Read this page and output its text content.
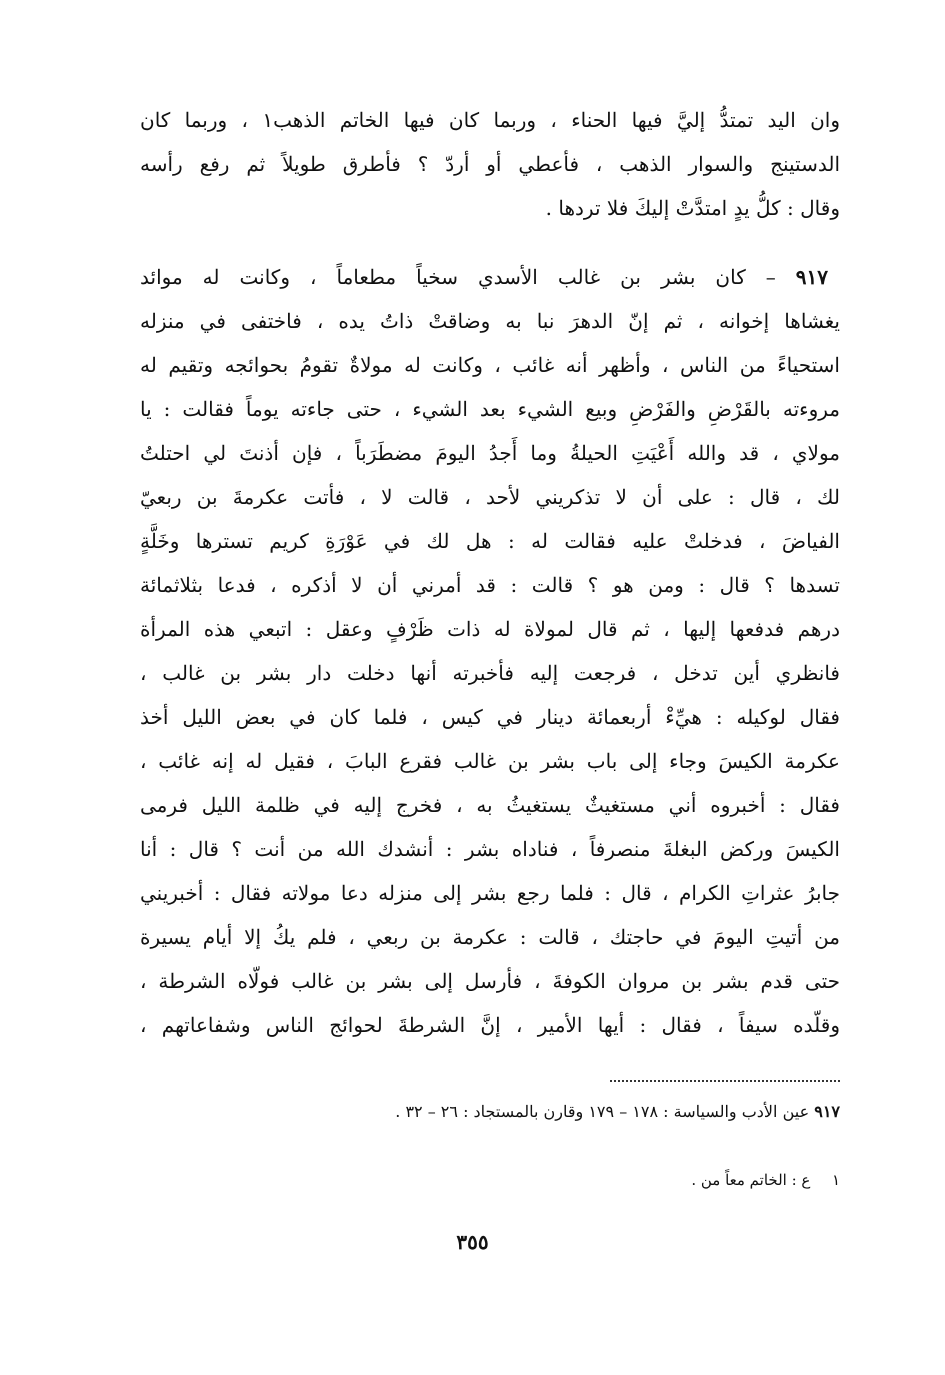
وان اليد تمتدُّ إليَّ فيها الحناء ، وربما كان فيها الخاتم الذهب١ ، وربما كان
الدستينج والسوار الذهب ، فأعطي أو أردّ ؟ فأطرق طويلاً ثم رفع رأسه
وقال : كلُّ يدٍ امتدَّتْ إليكَ فلا تردها .
٩١٧ – كان بشر بن غالب الأسدي سخياً مطعاماً ، وكانت له موائد
يغشاها إخوانه ، ثم إنّ الدهرَ نبا به وضاقتْ ذاتُ يده ، فاختفى في منزله
استحياءً من الناس ، وأظهر أنه غائب ، وكانت له مولاةٌ تقومُ بحوائجه وتقيم له
مروءته بالقَرْضِ والفَرْضِ وبيع الشيء بعد الشيء ، حتى جاءته يوماً فقالت : يا
مولاي ، قد والله أَعْيَتِ الحيلةُ وما أَجدُ اليومَ مضطَرَباً ، فإن أذنتَ لي احتلتُ
لك ، قال : على أن لا تذكريني لأحد ، قالت لا ، فأتت عكرمةَ بن ربعيّ
الفياضَ ، فدخلتْ عليه فقالت له : هل لك في عَوْرَةِ كريم تسترها وخَلَّةٍ
تسدها ؟ قال : ومن هو ؟ قالت : قد أمرني أن لا أذكره ، فدعا بثلاثمائة
درهم فدفعها إليها ، ثم قال لمولاة له ذات ظَرْفٍ وعقل : اتبعي هذه المرأة
فانظري أين تدخل ، فرجعت إليه فأخبرته أنها دخلت دار بشر بن غالب ،
فقال لوكيله : هيِّءْ أربعمائة دينار في كيس ، فلما كان في بعض الليل أخذ
عكرمة الكيسَ وجاء إلى باب بشر بن غالب فقرع البابَ ، فقيل له إنه غائب ،
فقال : أخبروه أني مستغيثٌ يستغيثُ به ، فخرج إليه في ظلمة الليل فرمى
الكيسَ وركض البغلةَ منصرفاً ، فناداه بشر : أنشدك الله من أنت ؟ قال : أنا
جابرُ عثراتِ الكرام ، قال : فلما رجع بشر إلى منزله دعا مولاته فقال : أخبريني
من أتيتِ اليومَ في حاجتك ، قالت : عكرمة بن ربعي ، فلم يكُ إلا أيام يسيرة
حتى قدم بشر بن مروان الكوفةَ ، فأرسل إلى بشر بن غالب فولّاه الشرطة ،
وقلّده سيفاً ، فقال : أيها الأمير ، إنَّ الشرطةَ لحوائج الناس وشفاعاتهم ،
٩١٧ عين الأدب والسياسة : ١٧٨ – ١٧٩ وقارن بالمستجاد : ٢٦ – ٣٢ .
١  ع : الخاتم معاً من .
٣٥٥
